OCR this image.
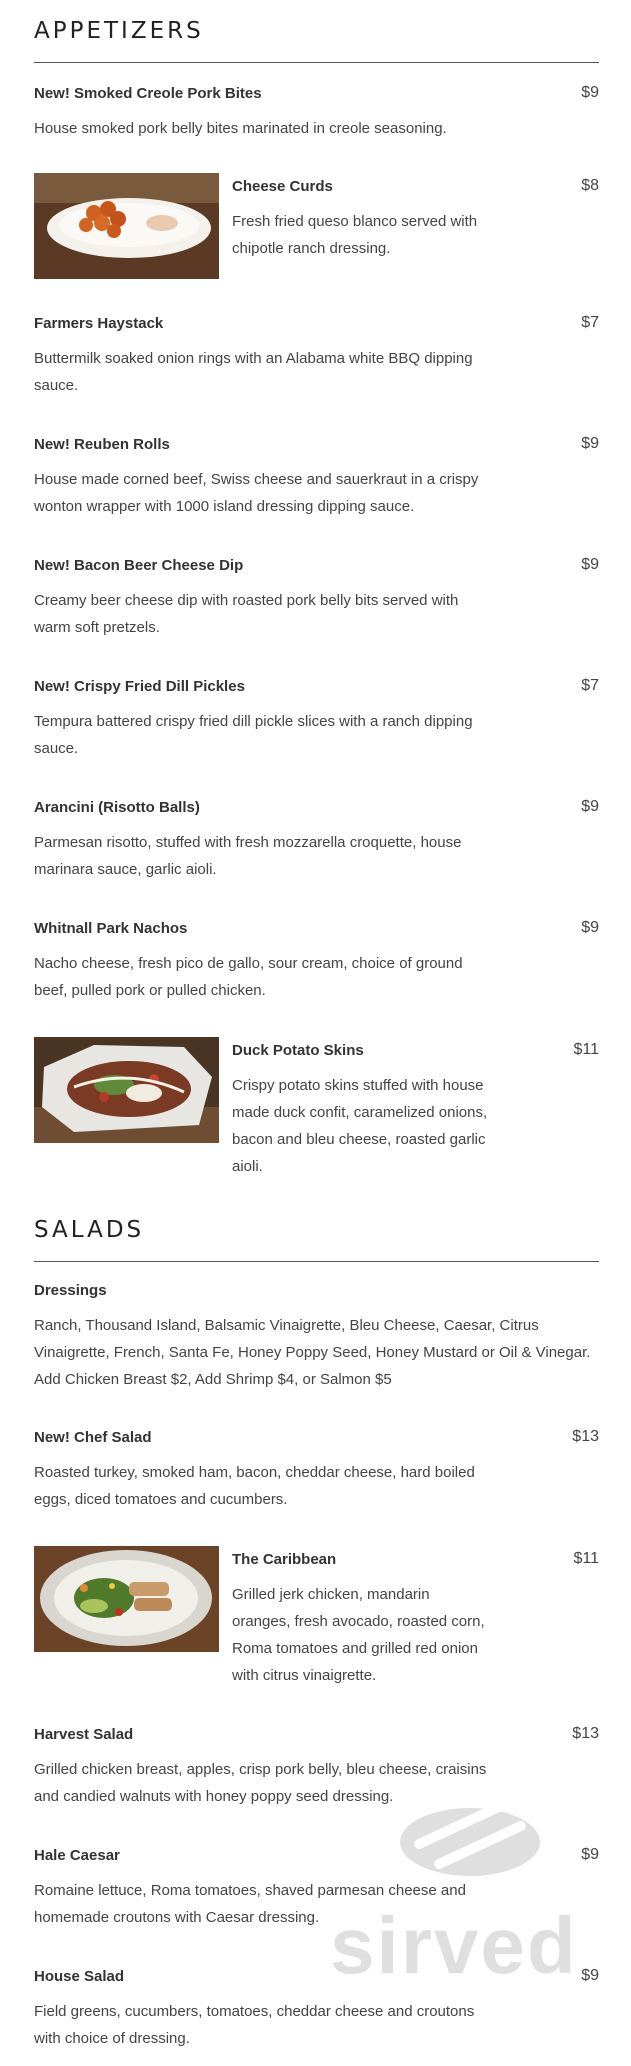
APPETIZERS

New! Smoked Creole Pork Bites	$9

House smoked pork belly bites marinated in creole seasoning.

Cheese Curds	$8

Fresh fried queso blanco served with chipotle ranch dressing.

Farmers Haystack	$7

Buttermilk soaked onion rings with an Alabama white BBQ dipping sauce.

New! Reuben Rolls	$9

House made corned beef, Swiss cheese and sauerkraut in a crispy wonton wrapper with 1000 island dressing dipping sauce.

New! Bacon Beer Cheese Dip	$9

Creamy beer cheese dip with roasted pork belly bits served with warm soft pretzels.

New! Crispy Fried Dill Pickles	$7

Tempura battered crispy fried dill pickle slices with a ranch dipping sauce.

Arancini (Risotto Balls)	$9

Parmesan risotto, stuffed with fresh mozzarella croquette, house marinara sauce, garlic aioli.

Whitnall Park Nachos	$9

Nacho cheese, fresh pico de gallo, sour cream, choice of ground beef, pulled pork or pulled chicken.

Duck Potato Skins	$11

Crispy potato skins stuffed with house made duck confit, caramelized onions, bacon and bleu cheese, roasted garlic aioli.

SALADS

Dressings

Ranch, Thousand Island, Balsamic Vinaigrette, Bleu Cheese, Caesar, Citrus Vinaigrette, French, Santa Fe, Honey Poppy Seed, Honey Mustard or Oil & Vinegar. Add Chicken Breast $2, Add Shrimp $4, or Salmon $5

New! Chef Salad	$13

Roasted turkey, smoked ham, bacon, cheddar cheese, hard boiled eggs, diced tomatoes and cucumbers.

The Caribbean	$11

Grilled jerk chicken, mandarin oranges, fresh avocado, roasted corn, Roma tomatoes and grilled red onion with citrus vinaigrette.

Harvest Salad	$13

Grilled chicken breast, apples, crisp pork belly, bleu cheese, craisins and candied walnuts with honey poppy seed dressing.

Hale Caesar	$9

Romaine lettuce, Roma tomatoes, shaved parmesan cheese and homemade croutons with Caesar dressing.

House Salad	$9

Field greens, cucumbers, tomatoes, cheddar cheese and croutons with choice of dressing.

sirved
